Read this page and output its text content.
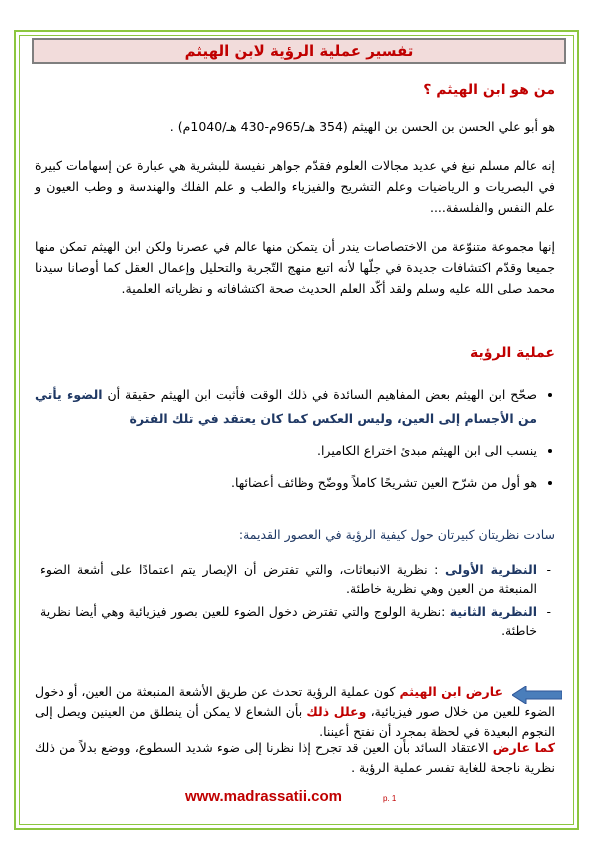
تفسير عملية الرؤية لابن الهيثم
من هو ابن الهيثم ؟
هو أبو علي الحسن بن الحسن بن الهيثم (354 هـ/965م-430 هـ/1040م) .
إنه عالم مسلم نبغ في عديد مجالات العلوم فقدّم جواهر نفيسة للبشرية هي عبارة عن إسهامات كبيرة في البصريات و الرياضيات وعلم التشريح والفيزياء والطب و علم الفلك والهندسة و وطب العيون و علم النفس والفلسفة....
إنها مجموعة متنوّعة من الاختصاصات يندر أن يتمكن منها عالم في عصرنا ولكن ابن الهيثم تمكن منها جميعا وقدّم اكتشافات جديدة في جلّها لأنه اتبع منهج التّجربة والتحليل وإعمال العقل كما أوصانا سيدنا محمد صلى الله عليه وسلم ولقد أكّد العلم الحديث صحة اكتشافاته و نظرياته العلمية.
عملية الرؤية
• صحّح ابن الهيثم بعض المفاهيم السائدة في ذلك الوقت فأثبت ابن الهيثم حقيقة أن الضوء يأتي من الأجسام إلى العين، وليس العكس كما كان يعتقد في تلك الفترة
• ينسب الى ابن الهيثم مبدئ اختراع الكاميرا.
• هو أول من شرّح العين تشريحًا كاملاً ووضّح وظائف أعضائها.
سادت نظريتان كبيرتان حول كيفية الرؤية في العصور القديمة:
- النظرية الأولى : نظرية الانبعاثات، والتي تفترض أن الإبصار يتم اعتمادًا على أشعة الضوء المنبعثة من العين وهي نظرية خاطئة.
- النظرية الثانية :نظرية الولوج والتي تفترض دخول الضوء للعين بصور فيزيائية وهي أيضا نظرية خاطئة.
عارض ابن الهيثم كون عملية الرؤية تحدث عن طريق الأشعة المنبعثة من العين، أو دخول الضوء للعين من خلال صور فيزيائية، وعلل ذلك بأن الشعاع لا يمكن أن ينطلق من العينين ويصل إلى النجوم البعيدة في لحظة بمجرد أن نفتح أعيننا.
كما عارض الاعتقاد السائد بأن العين قد تجرح إذا نظرنا إلى ضوء شديد السطوع، ووضع بدلاً من ذلك نظرية ناجحة للغاية تفسر عملية الرؤية .
www.madrassatii.com	p. 1
